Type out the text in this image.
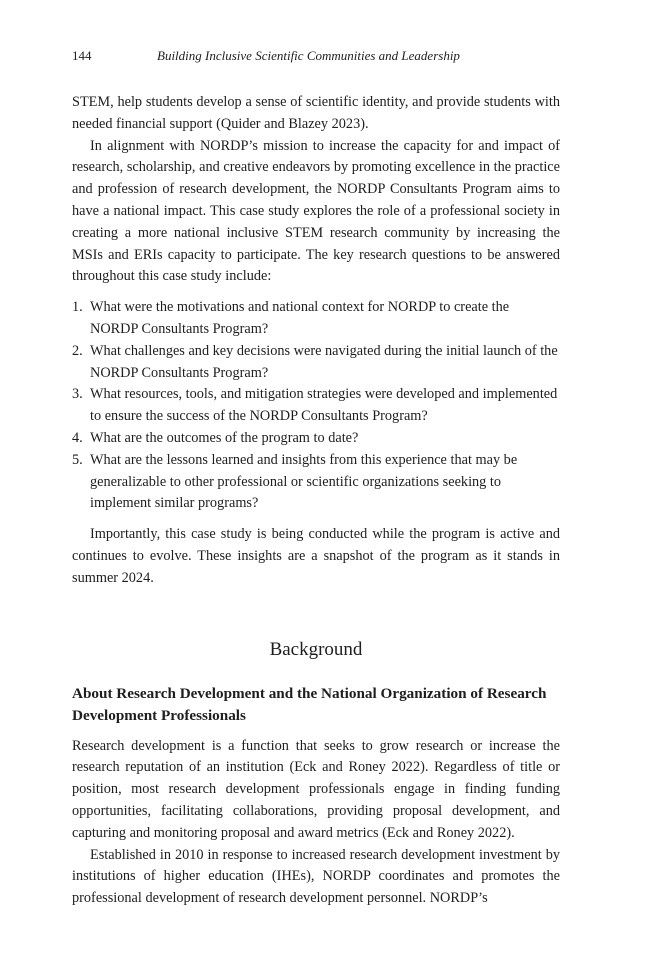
144	Building Inclusive Scientific Communities and Leadership

STEM, help students develop a sense of scientific identity, and provide students with needed financial support (Quider and Blazey 2023).

In alignment with NORDP’s mission to increase the capacity for and impact of research, scholarship, and creative endeavors by promoting excellence in the practice and profession of research development, the NORDP Consultants Program aims to have a national impact. This case study explores the role of a professional society in creating a more national inclusive STEM research community by increasing the MSIs and ERIs capacity to participate. The key research questions to be answered throughout this case study include:

1. What were the motivations and national context for NORDP to create the NORDP Consultants Program?
2. What challenges and key decisions were navigated during the initial launch of the NORDP Consultants Program?
3. What resources, tools, and mitigation strategies were developed and implemented to ensure the success of the NORDP Consultants Program?
4. What are the outcomes of the program to date?
5. What are the lessons learned and insights from this experience that may be generalizable to other professional or scientific organizations seeking to implement similar programs?

Importantly, this case study is being conducted while the program is active and continues to evolve. These insights are a snapshot of the program as it stands in summer 2024.

Background
About Research Development and the National Organization of Research Development Professionals

Research development is a function that seeks to grow research or increase the research reputation of an institution (Eck and Roney 2022). Regardless of title or position, most research development professionals engage in finding funding opportunities, facilitating collaborations, providing proposal development, and capturing and monitoring proposal and award metrics (Eck and Roney 2022).

Established in 2010 in response to increased research development investment by institutions of higher education (IHEs), NORDP coordinates and promotes the professional development of research development personnel. NORDP’s
